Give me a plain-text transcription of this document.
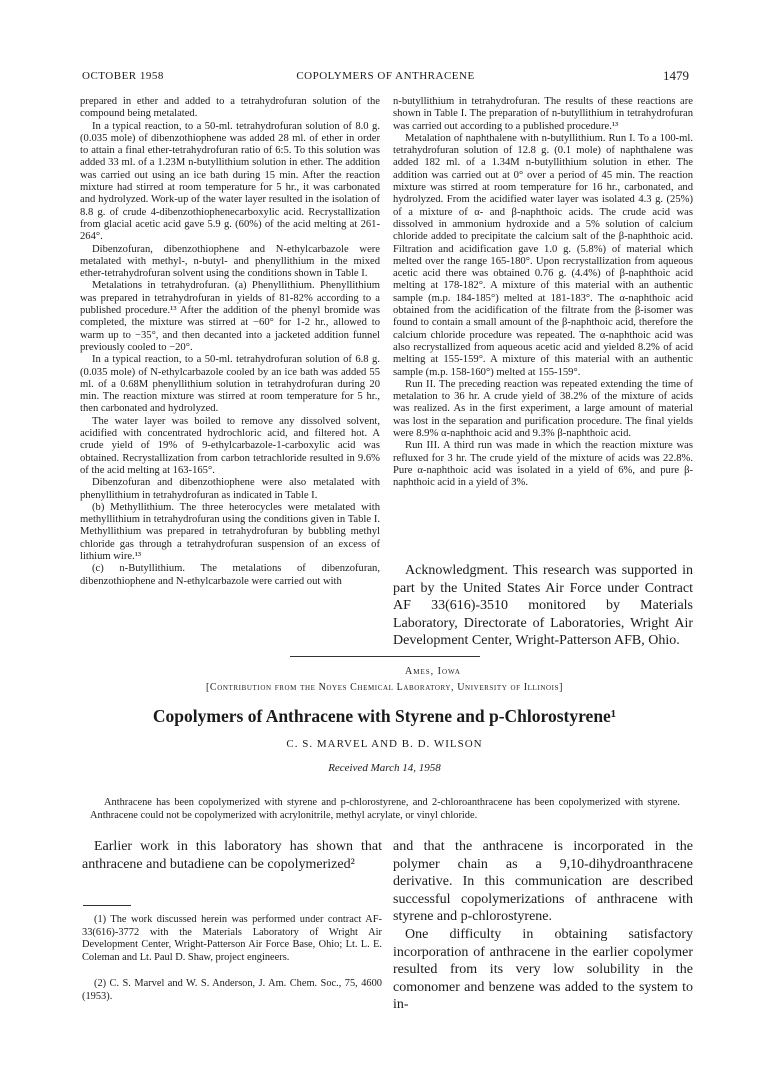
OCTOBER 1958	COPOLYMERS OF ANTHRACENE	1479

prepared in ether and added to a tetrahydrofuran solution of the compound being metalated.

In a typical reaction, to a 50-ml. tetrahydrofuran solution of 8.0 g. (0.035 mole) of dibenzothiophene was added 28 ml. of ether in order to attain a final ether-tetrahydrofuran ratio of 6:5. To this solution was added 33 ml. of a 1.23M n-butyllithium solution in ether. The addition was carried out using an ice bath during 15 min. After the reaction mixture had stirred at room temperature for 5 hr., it was carbonated and hydrolyzed. Work-up of the water layer resulted in the isolation of 8.8 g. of crude 4-dibenzothiophenecarboxylic acid. Recrystallization from glacial acetic acid gave 5.9 g. (60%) of the acid melting at 261-264°.

Dibenzofuran, dibenzothiophene and N-ethylcarbazole were metalated with methyl-, n-butyl- and phenyllithium in the mixed ether-tetrahydrofuran solvent using the conditions shown in Table I.

Metalations in tetrahydrofuran. (a) Phenyllithium. Phenyllithium was prepared in tetrahydrofuran in yields of 81-82% according to a published procedure.¹³ After the addition of the phenyl bromide was completed, the mixture was stirred at −60° for 1-2 hr., allowed to warm up to −35°, and then decanted into a jacketed addition funnel previously cooled to −20°.

In a typical reaction, to a 50-ml. tetrahydrofuran solution of 6.8 g. (0.035 mole) of N-ethylcarbazole cooled by an ice bath was added 55 ml. of a 0.68M phenyllithium solution in tetrahydrofuran during 20 min. The reaction mixture was stirred at room temperature for 5 hr., then carbonated and hydrolyzed.

The water layer was boiled to remove any dissolved solvent, acidified with concentrated hydrochloric acid, and filtered hot. A crude yield of 19% of 9-ethylcarbazole-1-carboxylic acid was obtained. Recrystallization from carbon tetrachloride resulted in 9.6% of the acid melting at 163-165°.

Dibenzofuran and dibenzothiophene were also metalated with phenyllithium in tetrahydrofuran as indicated in Table I.

(b) Methyllithium. The three heterocycles were metalated with methyllithium in tetrahydrofuran using the conditions given in Table I. Methyllithium was prepared in tetrahydrofuran by bubbling methyl chloride gas through a tetrahydrofuran suspension of an excess of lithium wire.¹³

(c) n-Butyllithium. The metalations of dibenzofuran, dibenzothiophene and N-ethylcarbazole were carried out with

n-butyllithium in tetrahydrofuran. The results of these reactions are shown in Table I. The preparation of n-butyllithium in tetrahydrofuran was carried out according to a published procedure.¹³

Metalation of naphthalene with n-butyllithium. Run I. To a 100-ml. tetrahydrofuran solution of 12.8 g. (0.1 mole) of naphthalene was added 182 ml. of a 1.34M n-butyllithium solution in ether. The addition was carried out at 0° over a period of 45 min. The reaction mixture was stirred at room temperature for 16 hr., carbonated, and hydrolyzed. From the acidified water layer was isolated 4.3 g. (25%) of a mixture of α- and β-naphthoic acids. The crude acid was dissolved in ammonium hydroxide and a 5% solution of calcium chloride added to precipitate the calcium salt of the β-naphthoic acid. Filtration and acidification gave 1.0 g. (5.8%) of material which melted over the range 165-180°. Upon recrystallization from aqueous acetic acid there was obtained 0.76 g. (4.4%) of β-naphthoic acid melting at 178-182°. A mixture of this material with an authentic sample (m.p. 184-185°) melted at 181-183°. The α-naphthoic acid obtained from the acidification of the filtrate from the β-isomer was found to contain a small amount of the β-naphthoic acid, therefore the calcium chloride procedure was repeated. The α-naphthoic acid was also recrystallized from aqueous acetic acid and yielded 8.2% of acid melting at 155-159°. A mixture of this material with an authentic sample (m.p. 158-160°) melted at 155-159°.

Run II. The preceding reaction was repeated extending the time of metalation to 36 hr. A crude yield of 38.2% of the mixture of acids was realized. As in the first experiment, a large amount of material was lost in the separation and purification procedure. The final yields were 8.9% α-naphthoic acid and 9.3% β-naphthoic acid.

Run III. A third run was made in which the reaction mixture was refluxed for 3 hr. The crude yield of the mixture of acids was 22.8%. Pure α-naphthoic acid was isolated in a yield of 6%, and pure β-naphthoic acid in a yield of 3%.

Acknowledgment. This research was supported in part by the United States Air Force under Contract AF 33(616)-3510 monitored by Materials Laboratory, Directorate of Laboratories, Wright Air Development Center, Wright-Patterson AFB, Ohio.
Ames, Iowa
[Contribution from the Noyes Chemical Laboratory, University of Illinois]
Copolymers of Anthracene with Styrene and p-Chlorostyrene¹
C. S. MARVEL AND B. D. WILSON
Received March 14, 1958
Anthracene has been copolymerized with styrene and p-chlorostyrene, and 2-chloroanthracene has been copolymerized with styrene. Anthracene could not be copolymerized with acrylonitrile, methyl acrylate, or vinyl chloride.
Earlier work in this laboratory has shown that anthracene and butadiene can be copolymerized²
(1) The work discussed herein was performed under contract AF-33(616)-3772 with the Materials Laboratory of Wright Air Development Center, Wright-Patterson Air Force Base, Ohio; Lt. L. E. Coleman and Lt. Paul D. Shaw, project engineers.
(2) C. S. Marvel and W. S. Anderson, J. Am. Chem. Soc., 75, 4600 (1953).

and that the anthracene is incorporated in the polymer chain as a 9,10-dihydroanthracene derivative. In this communication are described successful copolymerizations of anthracene with styrene and p-chlorostyrene.

One difficulty in obtaining satisfactory incorporation of anthracene in the earlier copolymer resulted from its very low solubility in the comonomer and benzene was added to the system to in-
